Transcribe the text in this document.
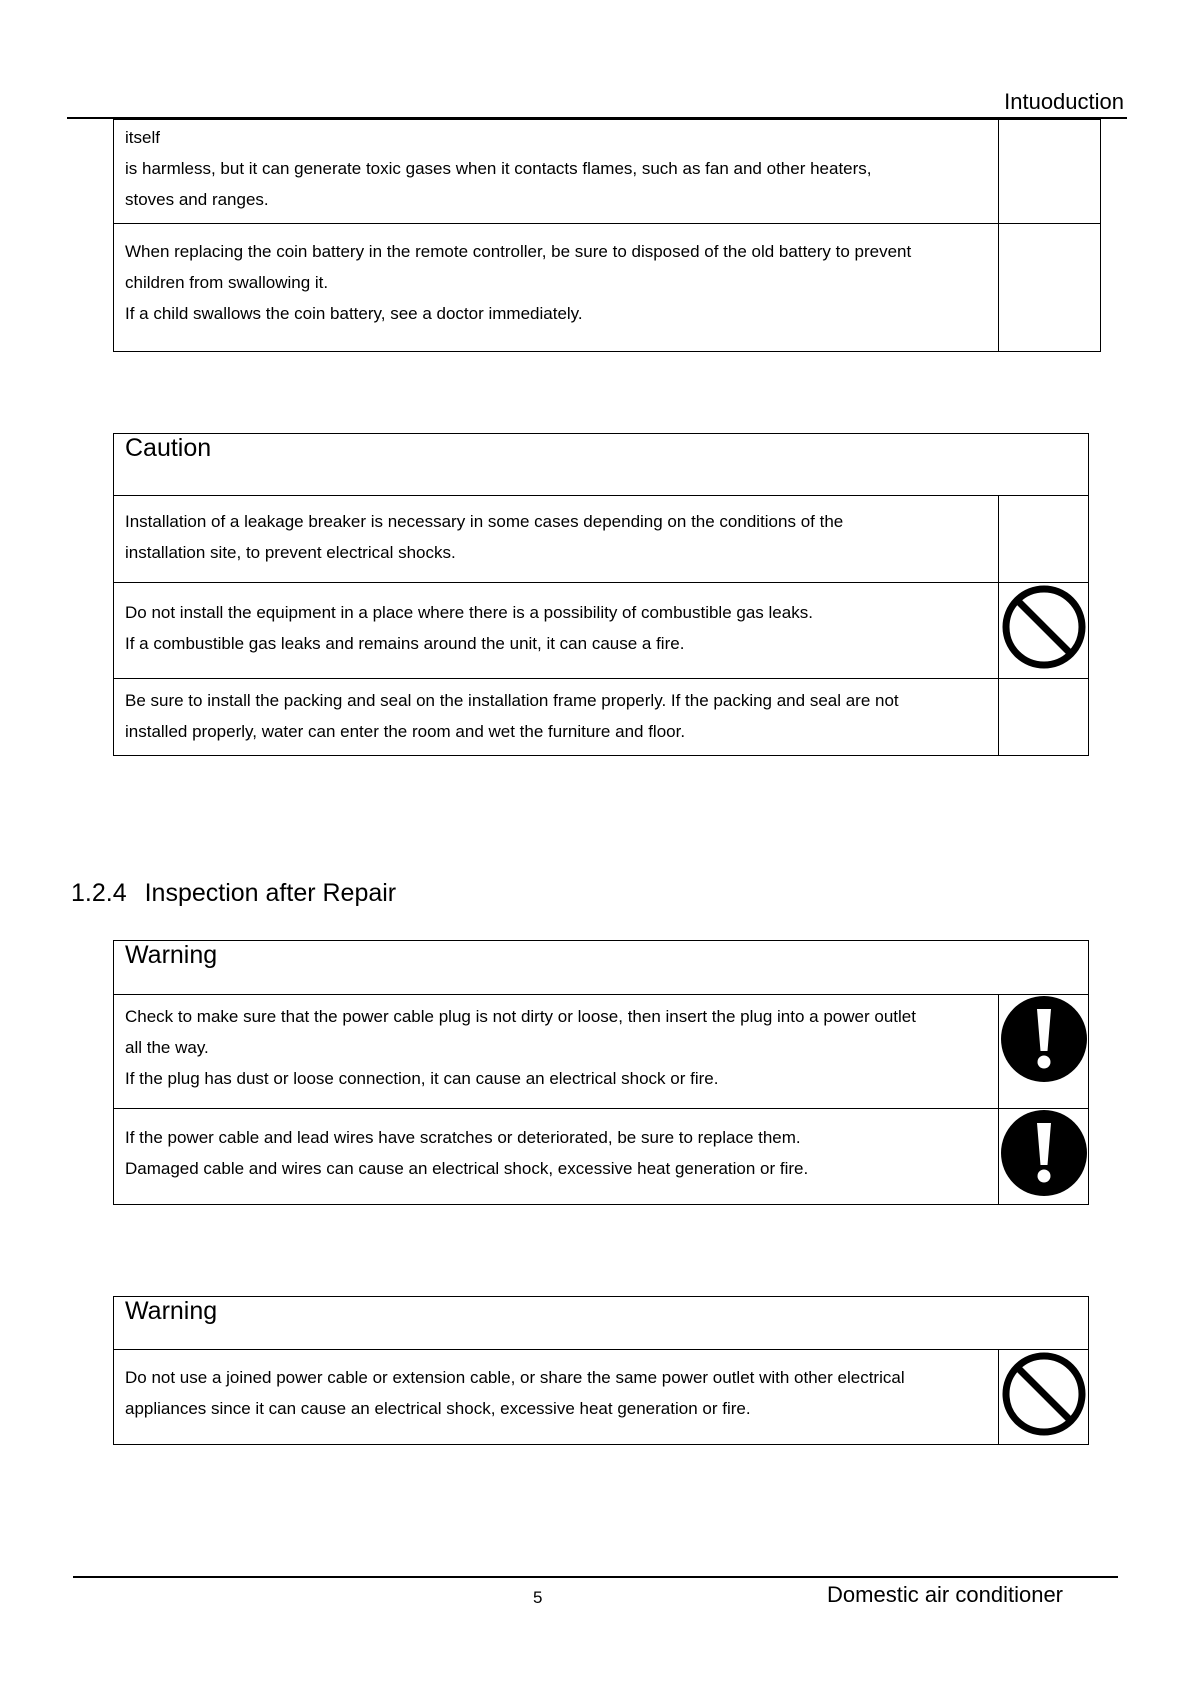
Intuoduction
itself
is harmless, but it can generate toxic gases when it contacts flames, such as fan and other heaters,
stoves and ranges.	

When replacing the coin battery in the remote controller, be sure to disposed of the old battery to prevent
children from swallowing it.
If a child swallows the coin battery, see a doctor immediately.	

Caution	

Installation of a leakage breaker is necessary in some cases depending on the conditions of the
installation site, to prevent electrical shocks.	

Do not install the equipment in a place where there is a possibility of combustible gas leaks.
If a combustible gas leaks and remains around the unit, it can cause a fire.

Be sure to install the packing and seal on the installation frame properly. If the packing and seal are not
installed properly, water can enter the room and wet the furniture and floor.	

1.2.4 Inspection after Repair
Warning	

Check to make sure that the power cable plug is not dirty or loose, then insert the plug into a power outlet
all the way.
If the plug has dust or loose connection, it can cause an electrical shock or fire.

If the power cable and lead wires have scratches or deteriorated, be sure to replace them.
Damaged cable and wires can cause an electrical shock, excessive heat generation or fire.

Warning

Do not use a joined power cable or extension cable, or share the same power outlet with other electrical
appliances since it can cause an electrical shock, excessive heat generation or fire.

5	Domestic air conditioner
